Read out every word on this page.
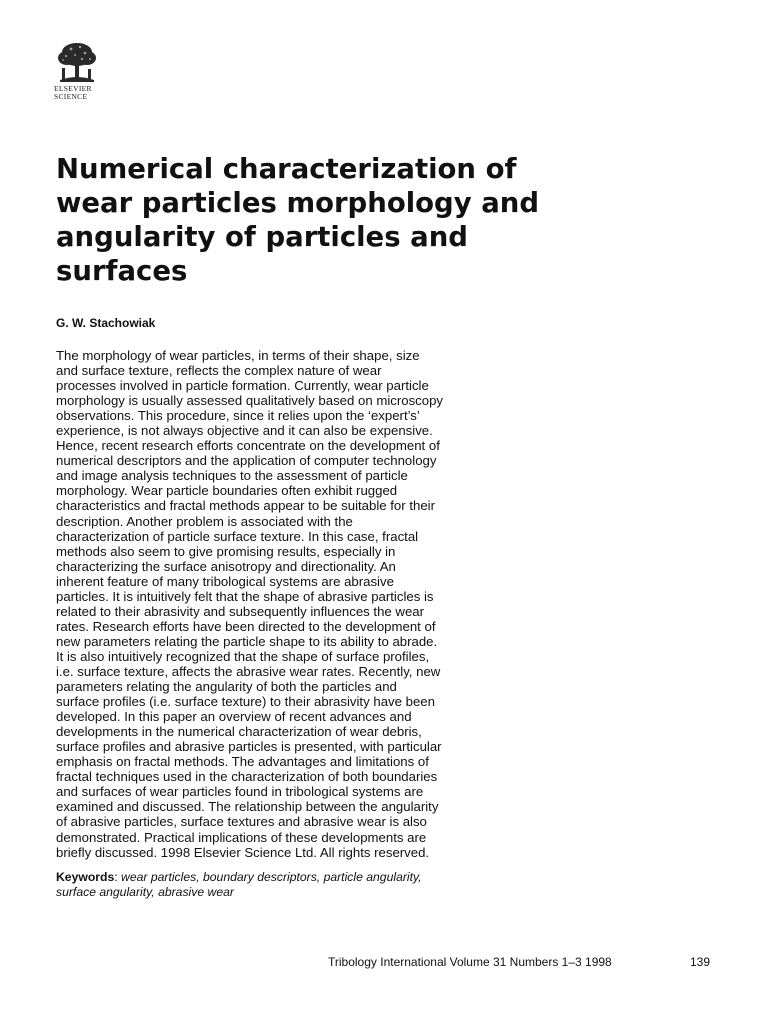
ELSEVIER
SCIENCE
Numerical characterization of
wear particles morphology and
angularity of particles and
surfaces
G. W. Stachowiak
The morphology of wear particles, in terms of their shape, size
and surface texture, reflects the complex nature of wear
processes involved in particle formation. Currently, wear particle
morphology is usually assessed qualitatively based on microscopy
observations. This procedure, since it relies upon the ‘expert’s’
experience, is not always objective and it can also be expensive.
Hence, recent research efforts concentrate on the development of
numerical descriptors and the application of computer technology
and image analysis techniques to the assessment of particle
morphology. Wear particle boundaries often exhibit rugged
characteristics and fractal methods appear to be suitable for their
description. Another problem is associated with the
characterization of particle surface texture. In this case, fractal
methods also seem to give promising results, especially in
characterizing the surface anisotropy and directionality. An
inherent feature of many tribological systems are abrasive
particles. It is intuitively felt that the shape of abrasive particles is
related to their abrasivity and subsequently influences the wear
rates. Research efforts have been directed to the development of
new parameters relating the particle shape to its ability to abrade.
It is also intuitively recognized that the shape of surface profiles,
i.e. surface texture, affects the abrasive wear rates. Recently, new
parameters relating the angularity of both the particles and
surface profiles (i.e. surface texture) to their abrasivity have been
developed. In this paper an overview of recent advances and
developments in the numerical characterization of wear debris,
surface profiles and abrasive particles is presented, with particular
emphasis on fractal methods. The advantages and limitations of
fractal techniques used in the characterization of both boundaries
and surfaces of wear particles found in tribological systems are
examined and discussed. The relationship between the angularity
of abrasive particles, surface textures and abrasive wear is also
demonstrated. Practical implications of these developments are
briefly discussed. 1998 Elsevier Science Ltd. All rights reserved.
Keywords: wear particles, boundary descriptors, particle angularity,
surface angularity, abrasive wear
Tribology International Volume 31 Numbers 1–3 1998	139
